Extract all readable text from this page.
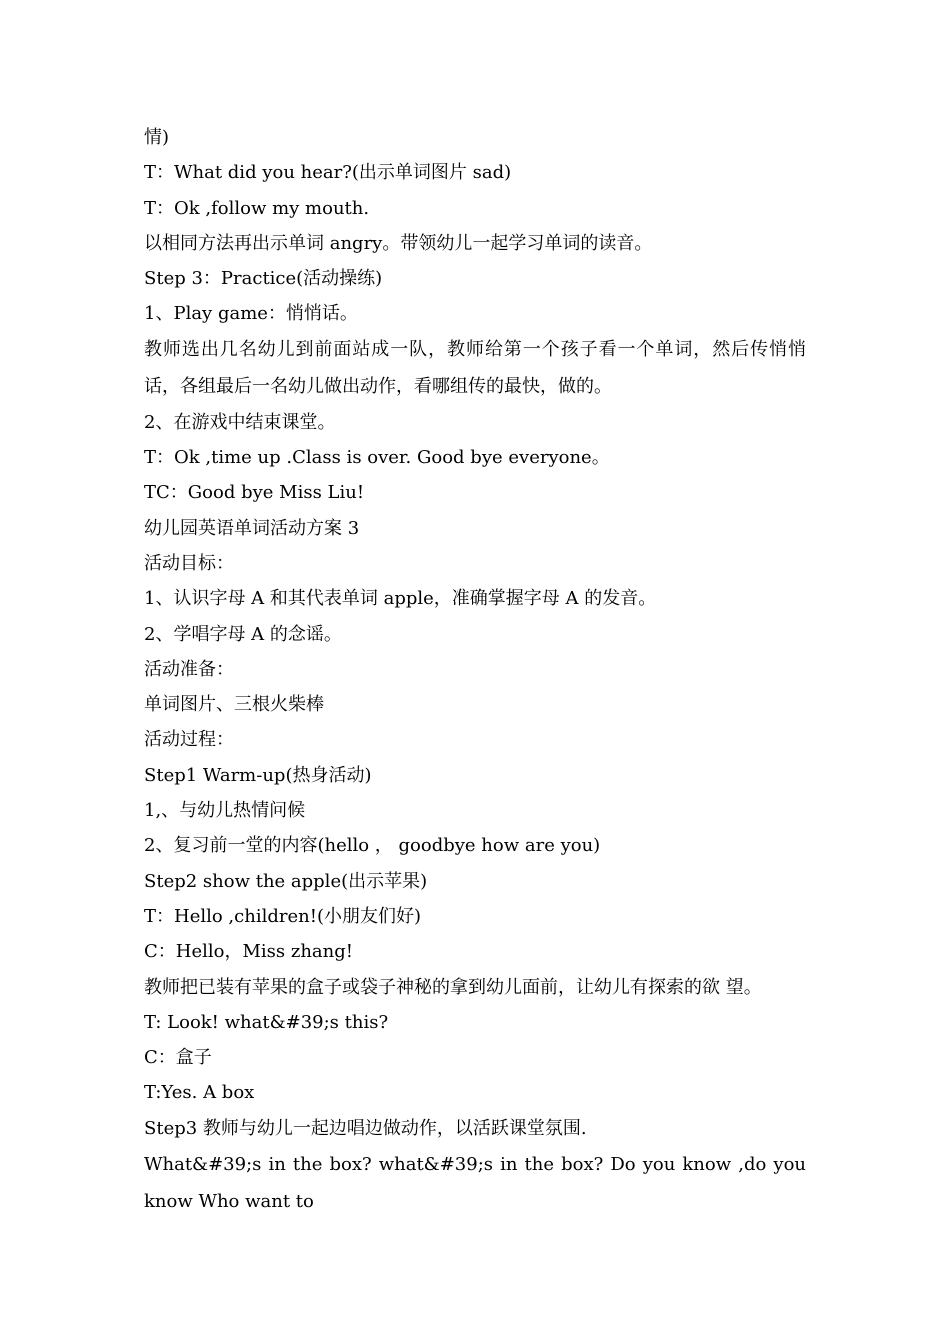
情)
T：What did you hear?(出示单词图片 sad)
T：Ok ,follow my mouth.
以相同方法再出示单词 angry。带领幼儿一起学习单词的读音。
Step 3：Practice(活动操练)
1、Play game：悄悄话。
教师选出几名幼儿到前面站成一队，教师给第一个孩子看一个单词，然后传悄悄话，各组最后一名幼儿做出动作，看哪组传的最快，做的。
2、在游戏中结束课堂。
T：Ok ,time up .Class is over. Good bye everyone。
TC：Good bye Miss Liu!
幼儿园英语单词活动方案 3
活动目标：
1、认识字母 A 和其代表单词 apple，准确掌握字母 A 的发音。
2、学唱字母 A 的念谣。
活动准备：
单词图片、三根火柴棒
活动过程：
Step1 Warm-up(热身活动)
1,、与幼儿热情问候
2、复习前一堂的内容(hello ， goodbye how are you)
Step2 show the apple(出示苹果)
T：Hello ,children!(小朋友们好)
C：Hello，Miss zhang!
教师把已装有苹果的盒子或袋子神秘的拿到幼儿面前，让幼儿有探索的欲 望。
T: Look! what&#39;s this?
C：盒子
T:Yes. A box
Step3 教师与幼儿一起边唱边做动作，以活跃课堂氛围.
What&#39;s in the box? what&#39;s in the box? Do you know ,do you know Who want to
